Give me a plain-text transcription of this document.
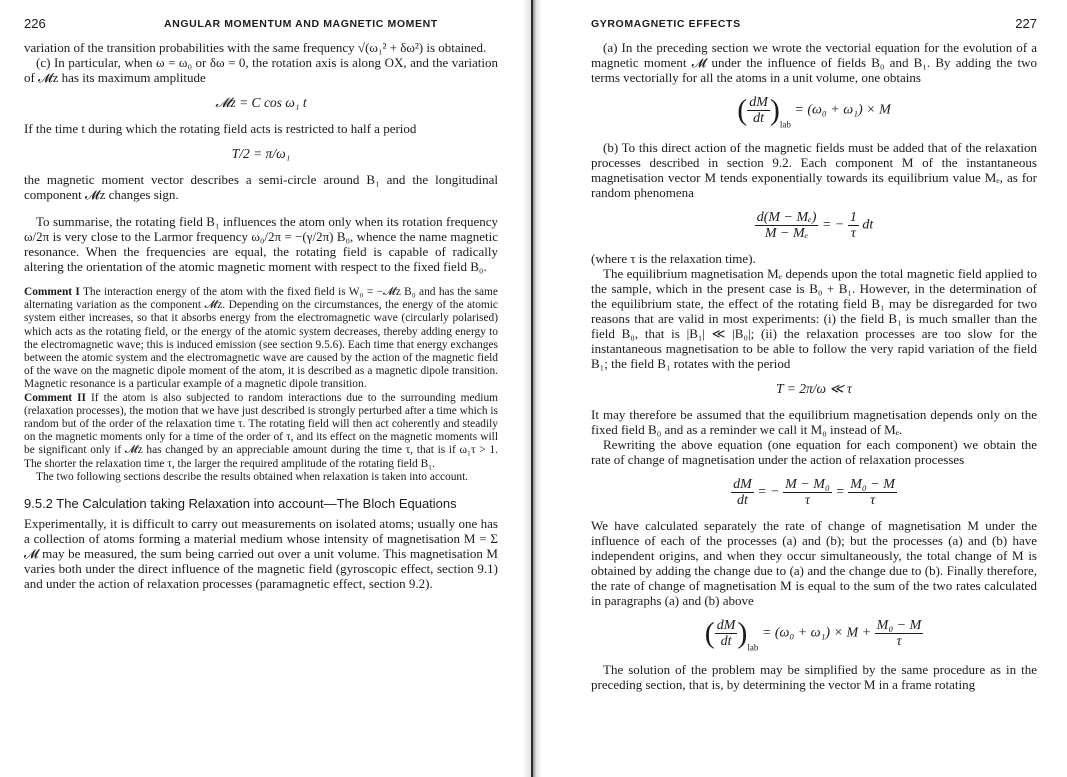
226	ANGULAR MOMENTUM AND MAGNETIC MOMENT

variation of the transition probabilities with the same frequency √(ω₁² + δω²) is obtained.

(c) In particular, when ω = ω₀ or δω = 0, the rotation axis is along OX, and the variation of 𝓜z has its maximum amplitude

𝓜z = C cos ω₁ t

If the time t during which the rotating field acts is restricted to half a period

T/2 = π/ω₁

the magnetic moment vector describes a semi-circle around B₁ and the longitudinal component 𝓜z changes sign.

To summarise, the rotating field B₁ influences the atom only when its rotation frequency ω/2π is very close to the Larmor frequency ω₀/2π = −(γ/2π) B₀, whence the name magnetic resonance. When the frequencies are equal, the rotating field is capable of radically altering the orientation of the atomic magnetic moment with respect to the fixed field B₀.

Comment I The interaction energy of the atom with the fixed field is W₀ = −𝓜z B₀ and has the same alternating variation as the component 𝓜z. Depending on the circumstances, the energy of the atomic system either increases, so that it absorbs energy from the electromagnetic wave (circularly polarised) which acts as the rotating field, or the energy of the atomic system decreases, thereby adding energy to the electromagnetic wave; this is induced emission (see section 9.5.6). Each time that energy exchanges between the atomic system and the electromagnetic wave are caused by the action of the magnetic field of the wave on the magnetic dipole moment of the atom, it is described as a magnetic dipole transition. Magnetic resonance is a particular example of a magnetic dipole transition.

Comment II If the atom is also subjected to random interactions due to the surrounding medium (relaxation processes), the motion that we have just described is strongly perturbed after a time which is random but of the order of the relaxation time τ. The rotating field will then act coherently and steadily on the magnetic moments only for a time of the order of τ, and its effect on the magnetic moments will be significant only if 𝓜z has changed by an appreciable amount during the time τ, that is if ω₁τ > 1. The shorter the relaxation time τ, the larger the required amplitude of the rotating field B₁.

The two following sections describe the results obtained when relaxation is taken into account.

9.5.2 The Calculation taking Relaxation into account—The Bloch Equations

Experimentally, it is difficult to carry out measurements on isolated atoms; usually one has a collection of atoms forming a material medium whose intensity of magnetisation M = Σ 𝓜 may be measured, the sum being carried out over a unit volume. This magnetisation M varies both under the direct influence of the magnetic field (gyroscopic effect, section 9.1) and under the action of relaxation processes (paramagnetic effect, section 9.2).

GYROMAGNETIC EFFECTS	227

(a) In the preceding section we wrote the vectorial equation for the evolution of a magnetic moment 𝓜 under the influence of fields B₀ and B₁. By adding the two terms vectorially for all the atoms in a unit volume, one obtains

( $\frac{dM}{dt} )_{lab} = (\omega_0 + \omega_1) \times M$

(b) To this direct action of the magnetic fields must be added that of the relaxation processes described in section 9.2. Each component M of the instantaneous magnetisation vector M tends exponentially towards its equilibrium value Mₑ, as for random phenomena

$\frac{\text{d(M − Mₑ)}}{\text{M − Mₑ}}$ = − $\frac{1}{\tau}$ dt

(where τ is the relaxation time).

The equilibrium magnetisation Mₑ depends upon the total magnetic field applied to the sample, which in the present case is B₀ + B₁. However, in the determination of the equilibrium state, the effect of the rotating field B₁ may be disregarded for two reasons that are valid in most experiments: (i) the field B₁ is much smaller than the field B₀, that is |B₁| ≪ |B₀|; (ii) the relaxation processes are too slow for the instantaneous magnetisation to be able to follow the very rapid variation of the field B₁; the field B₁ rotates with the period

T = 2π/ω ≪ τ

It may therefore be assumed that the equilibrium magnetisation depends only on the fixed field B₀ and as a reminder we call it M₀ instead of Mₑ.

Rewriting the above equation (one equation for each component) we obtain the rate of change of magnetisation under the action of relaxation processes

$\frac{dM}{dt}$ = − $\frac{\text{M − M₀}}{\tau} = \frac{\text{M₀ − M}}{\tau}$

We have calculated separately the rate of change of magnetisation M under the influence of each of the processes (a) and (b); but the processes (a) and (b) have independent origins, and when they occur simultaneously, the total change of M is obtained by adding the change due to (a) and the change due to (b). Finally therefore, the rate of change of magnetisation M is equal to the sum of the two rates calculated in paragraphs (a) and (b) above

( $\frac{dM}{dt} )_{lab} = (\omega_0 + \omega_1) \times M + \frac{\text{M₀ − M}}{\tau}$

The solution of the problem may be simplified by the same procedure as in the preceding section, that is, by determining the vector M in a frame rotating
